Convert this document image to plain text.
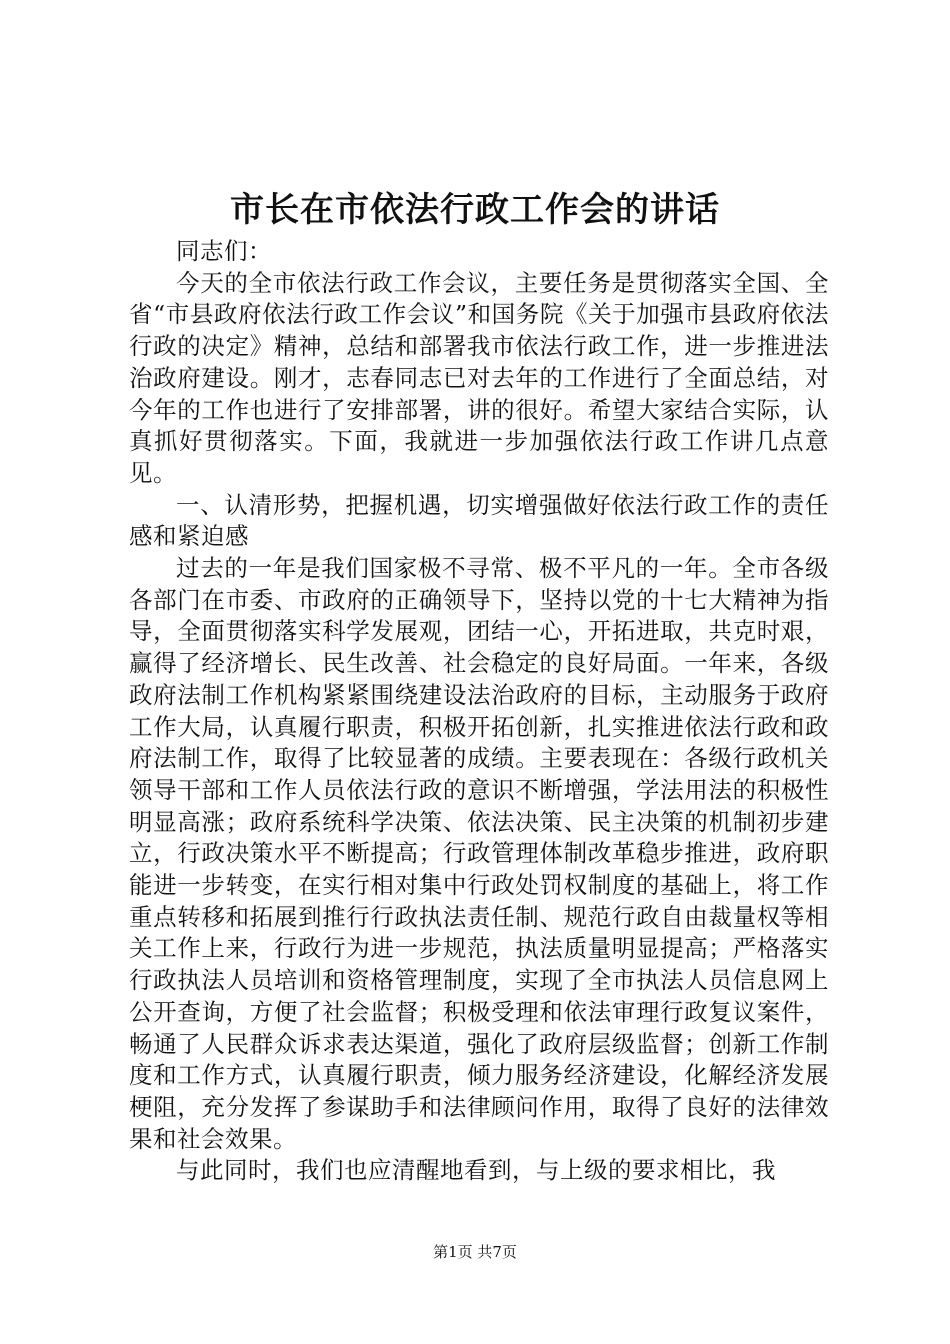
市长在市依法行政工作会的讲话

同志们：

今天的全市依法行政工作会议，主要任务是贯彻落实全国、全省“市县政府依法行政工作会议”和国务院《关于加强市县政府依法行政的决定》精神，总结和部署我市依法行政工作，进一步推进法治政府建设。刚才，志春同志已对去年的工作进行了全面总结，对今年的工作也进行了安排部署，讲的很好。希望大家结合实际，认真抓好贯彻落实。下面，我就进一步加强依法行政工作讲几点意见。

一、认清形势，把握机遇，切实增强做好依法行政工作的责任感和紧迫感

过去的一年是我们国家极不寻常、极不平凡的一年。全市各级各部门在市委、市政府的正确领导下，坚持以党的十七大精神为指导，全面贯彻落实科学发展观，团结一心，开拓进取，共克时艰，赢得了经济增长、民生改善、社会稳定的良好局面。一年来，各级政府法制工作机构紧紧围绕建设法治政府的目标，主动服务于政府工作大局，认真履行职责，积极开拓创新，扎实推进依法行政和政府法制工作，取得了比较显著的成绩。主要表现在：各级行政机关领导干部和工作人员依法行政的意识不断增强，学法用法的积极性明显高涨；政府系统科学决策、依法决策、民主决策的机制初步建立，行政决策水平不断提高；行政管理体制改革稳步推进，政府职能进一步转变，在实行相对集中行政处罚权制度的基础上，将工作重点转移和拓展到推行行政执法责任制、规范行政自由裁量权等相关工作上来，行政行为进一步规范，执法质量明显提高；严格落实行政执法人员培训和资格管理制度，实现了全市执法人员信息网上公开查询，方便了社会监督；积极受理和依法审理行政复议案件，畅通了人民群众诉求表达渠道，强化了政府层级监督；创新工作制度和工作方式，认真履行职责，倾力服务经济建设，化解经济发展梗阻，充分发挥了参谋助手和法律顾问作用，取得了良好的法律效果和社会效果。

与此同时，我们也应清醒地看到，与上级的要求相比，我

第1页 共7页
